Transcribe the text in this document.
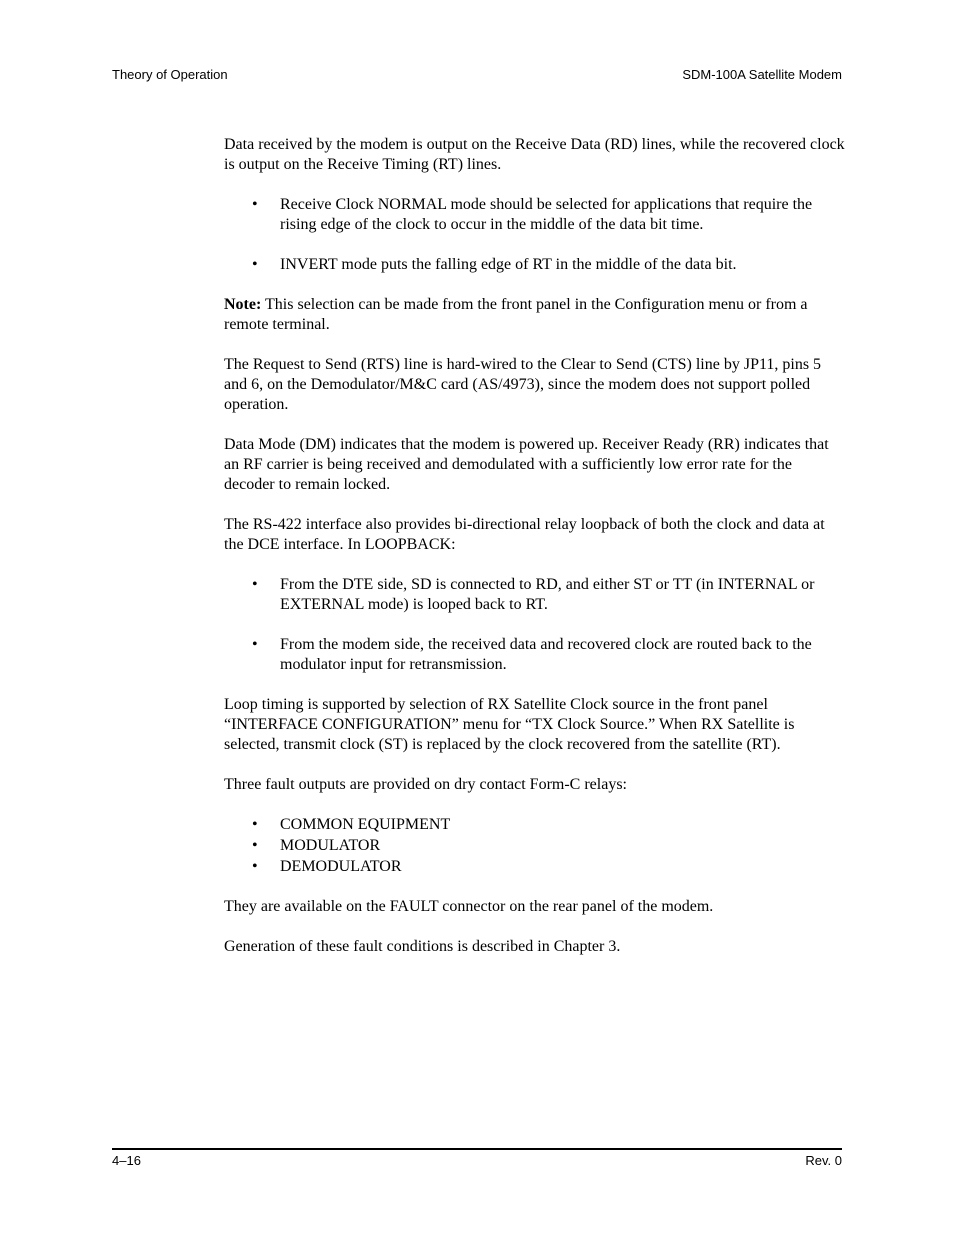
Theory of Operation	SDM-100A Satellite Modem

Data received by the modem is output on the Receive Data (RD) lines, while the recovered clock is output on the Receive Timing (RT) lines.

• Receive Clock NORMAL mode should be selected for applications that require the rising edge of the clock to occur in the middle of the data bit time.
• INVERT mode puts the falling edge of RT in the middle of the data bit.

Note: This selection can be made from the front panel in the Configuration menu or from a remote terminal.

The Request to Send (RTS) line is hard-wired to the Clear to Send (CTS) line by JP11, pins 5 and 6, on the Demodulator/M&C card (AS/4973), since the modem does not support polled operation.

Data Mode (DM) indicates that the modem is powered up. Receiver Ready (RR) indicates that an RF carrier is being received and demodulated with a sufficiently low error rate for the decoder to remain locked.

The RS-422 interface also provides bi-directional relay loopback of both the clock and data at the DCE interface. In LOOPBACK:

• From the DTE side, SD is connected to RD, and either ST or TT (in INTERNAL or EXTERNAL mode) is looped back to RT.
• From the modem side, the received data and recovered clock are routed back to the modulator input for retransmission.

Loop timing is supported by selection of RX Satellite Clock source in the front panel “INTERFACE CONFIGURATION” menu for “TX Clock Source.” When RX Satellite is selected, transmit clock (ST) is replaced by the clock recovered from the satellite (RT).

Three fault outputs are provided on dry contact Form-C relays:

• COMMON EQUIPMENT
• MODULATOR
• DEMODULATOR

They are available on the FAULT connector on the rear panel of the modem.

Generation of these fault conditions is described in Chapter 3.

4–16	Rev. 0
